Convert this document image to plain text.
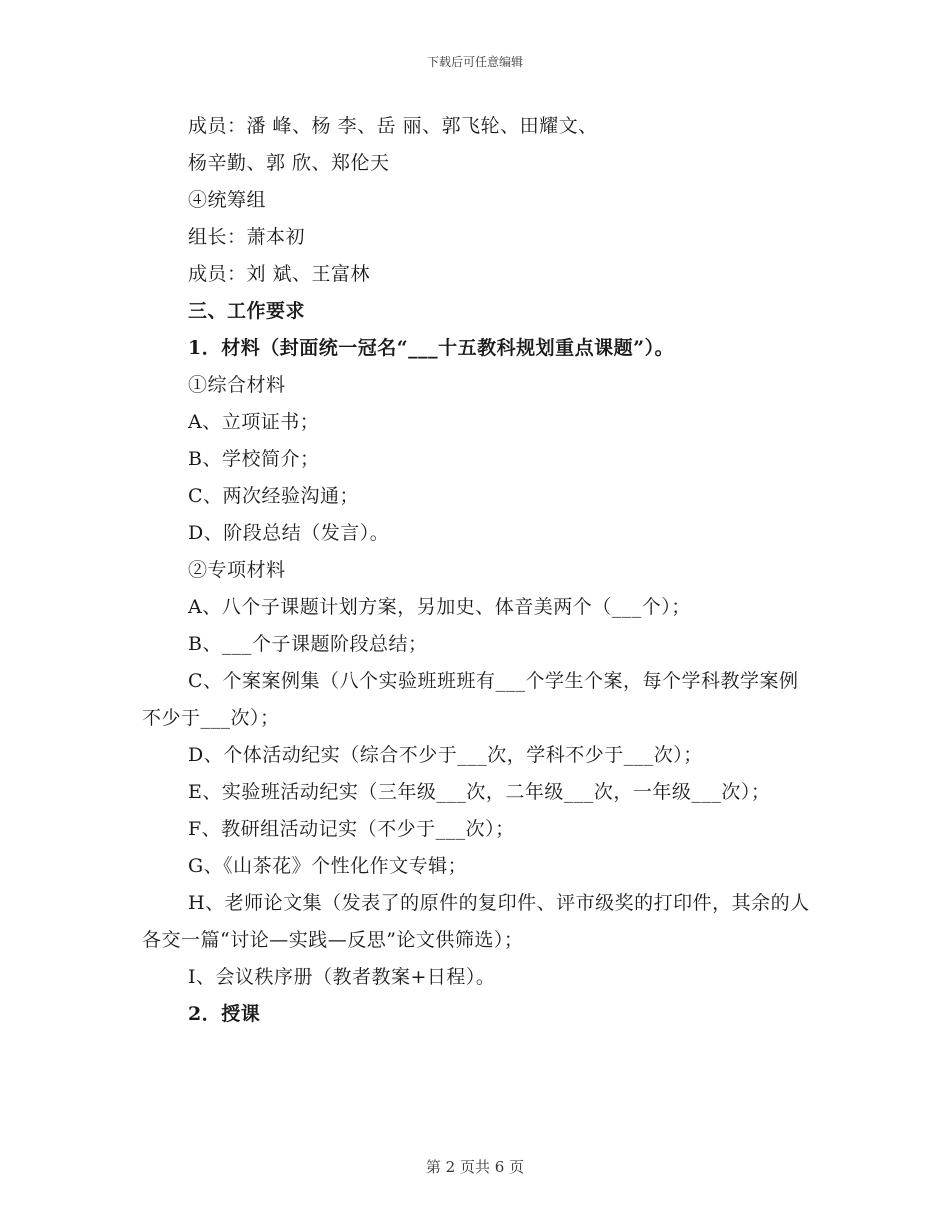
下载后可任意编辑
成员：潘 峰、杨 李、岳 丽、郭飞轮、田耀文、
杨辛勤、郭 欣、郑伦天
④统筹组
组长：萧本初
成员：刘 斌、王富林
三、工作要求
1．材料（封面统一冠名“___十五教科规划重点课题”）。
①综合材料
A、立项证书；
B、学校简介；
C、两次经验沟通；
D、阶段总结（发言）。
②专项材料
A、八个子课题计划方案，另加史、体音美两个（___个）；
B、___个子课题阶段总结；

C、个案案例集（八个实验班班班有___个学生个案，每个学科教学案例不少于___次）；

D、个体活动纪实（综合不少于___次，学科不少于___次）；

E、实验班活动纪实（三年级___次，二年级___次，一年级___次）；

F、教研组活动记实（不少于___次）；
G、《山茶花》个性化作文专辑；

H、老师论文集（发表了的原件的复印件、评市级奖的打印件，其余的人各交一篇“讨论—实践—反思”论文供筛选）；

I、会议秩序册（教者教案+日程）。
2．授课
第 2 页共 6 页
